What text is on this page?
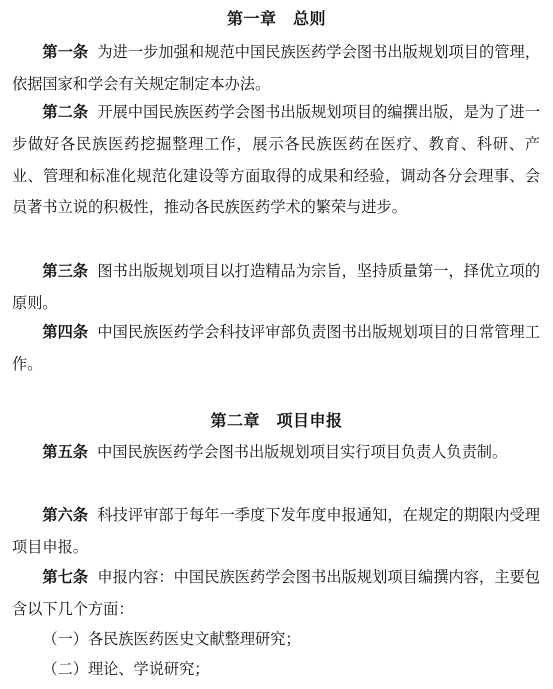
第一章　总则

第一条 为进一步加强和规范中国民族医药学会图书出版规划项目的管理，依据国家和学会有关规定制定本办法。

第二条 开展中国民族医药学会图书出版规划项目的编撰出版，是为了进一步做好各民族医药挖掘整理工作，展示各民族医药在医疗、教育、科研、产业、管理和标准化规范化建设等方面取得的成果和经验，调动各分会理事、会员著书立说的积极性，推动各民族医药学术的繁荣与进步。

第三条 图书出版规划项目以打造精品为宗旨，坚持质量第一，择优立项的原则。

第四条 中国民族医药学会科技评审部负责图书出版规划项目的日常管理工作。

第二章　项目申报

第五条 中国民族医药学会图书出版规划项目实行项目负责人负责制。

第六条 科技评审部于每年一季度下发年度申报通知，在规定的期限内受理项目申报。

第七条 申报内容：中国民族医药学会图书出版规划项目编撰内容，主要包含以下几个方面：

（一）各民族医药医史文献整理研究；

（二）理论、学说研究；
